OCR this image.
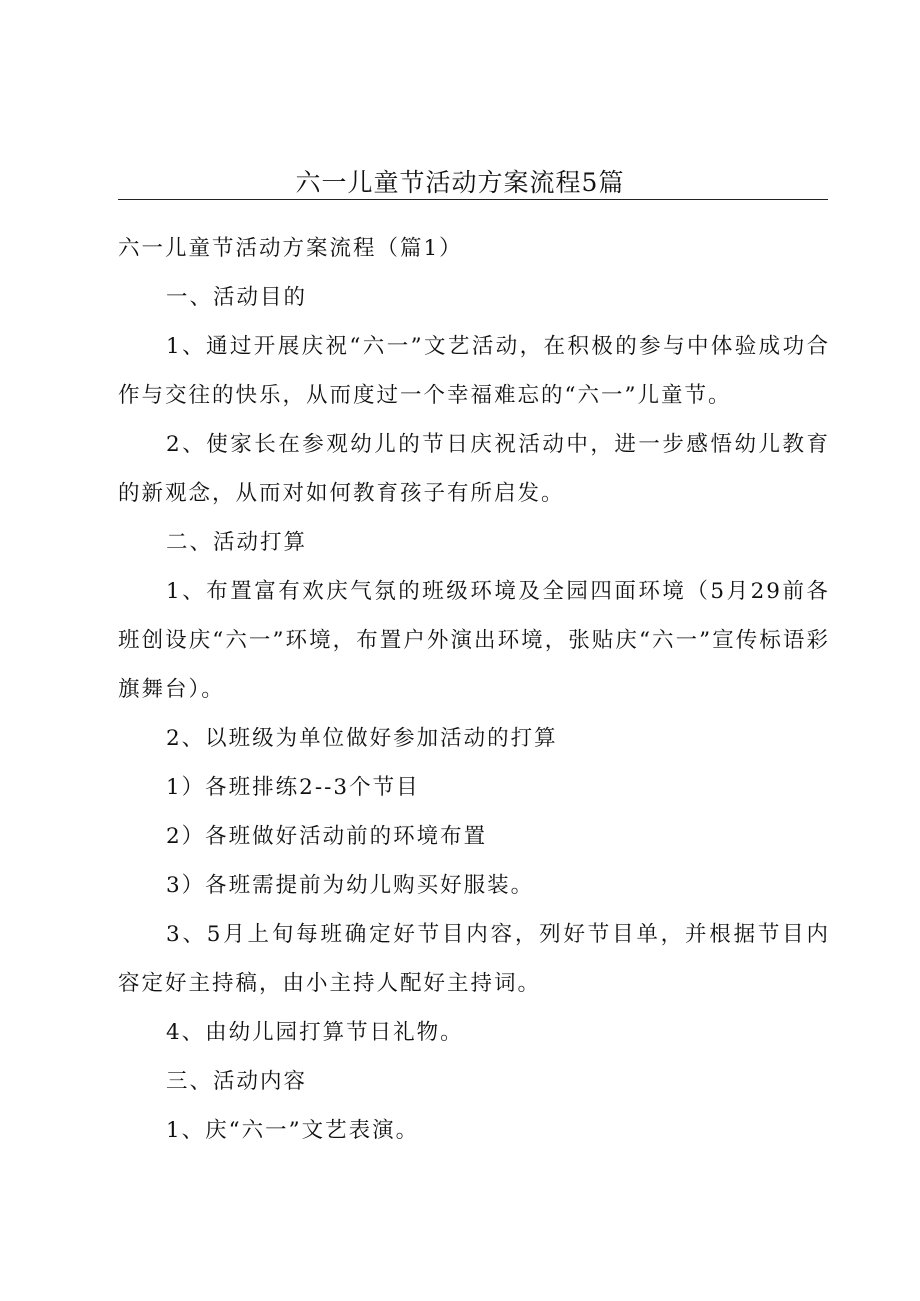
六一儿童节活动方案流程5篇

六一儿童节活动方案流程（篇1）

一、活动目的

1、通过开展庆祝“六一”文艺活动，在积极的参与中体验成功合作与交往的快乐，从而度过一个幸福难忘的“六一”儿童节。

2、使家长在参观幼儿的节日庆祝活动中，进一步感悟幼儿教育的新观念，从而对如何教育孩子有所启发。

二、活动打算

1、布置富有欢庆气氛的班级环境及全园四面环境（5月29前各班创设庆“六一”环境，布置户外演出环境，张贴庆“六一”宣传标语彩旗舞台）。

2、以班级为单位做好参加活动的打算

1）各班排练2--3个节目

2）各班做好活动前的环境布置

3）各班需提前为幼儿购买好服装。

3、5月上旬每班确定好节目内容，列好节目单，并根据节目内容定好主持稿，由小主持人配好主持词。

4、由幼儿园打算节日礼物。

三、活动内容

1、庆“六一”文艺表演。
